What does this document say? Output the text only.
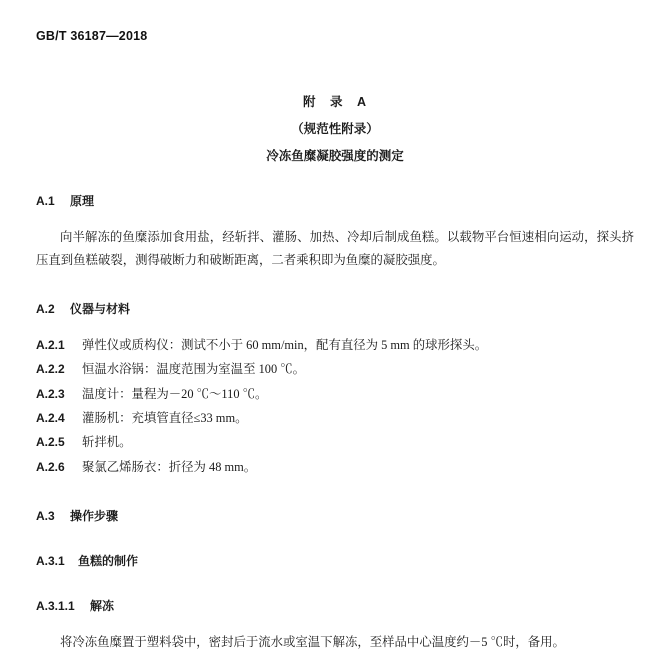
GB/T 36187—2018
附　录　A
（规范性附录）
冷冻鱼糜凝胶强度的测定
A.1 原理
向半解冻的鱼糜添加食用盐，经斩拌、灌肠、加热、冷却后制成鱼糕。以载物平台恒速相向运动，探头挤压直到鱼糕破裂，测得破断力和破断距离，二者乘积即为鱼糜的凝胶强度。
A.2 仪器与材料
A.2.1	弹性仪或质构仪：测试不小于 60 mm/min，配有直径为 5 mm 的球形探头。
A.2.2	恒温水浴锅：温度范围为室温至 100 ℃。
A.2.3	温度计：量程为－20 ℃～110 ℃。
A.2.4	灌肠机：充填管直径≤33 mm。
A.2.5	斩拌机。
A.2.6	聚氯乙烯肠衣：折径为 48 mm。
A.3 操作步骤
A.3.1 鱼糕的制作
A.3.1.1 解冻
将冷冻鱼糜置于塑料袋中，密封后于流水或室温下解冻，至样品中心温度约－5 ℃时，备用。
